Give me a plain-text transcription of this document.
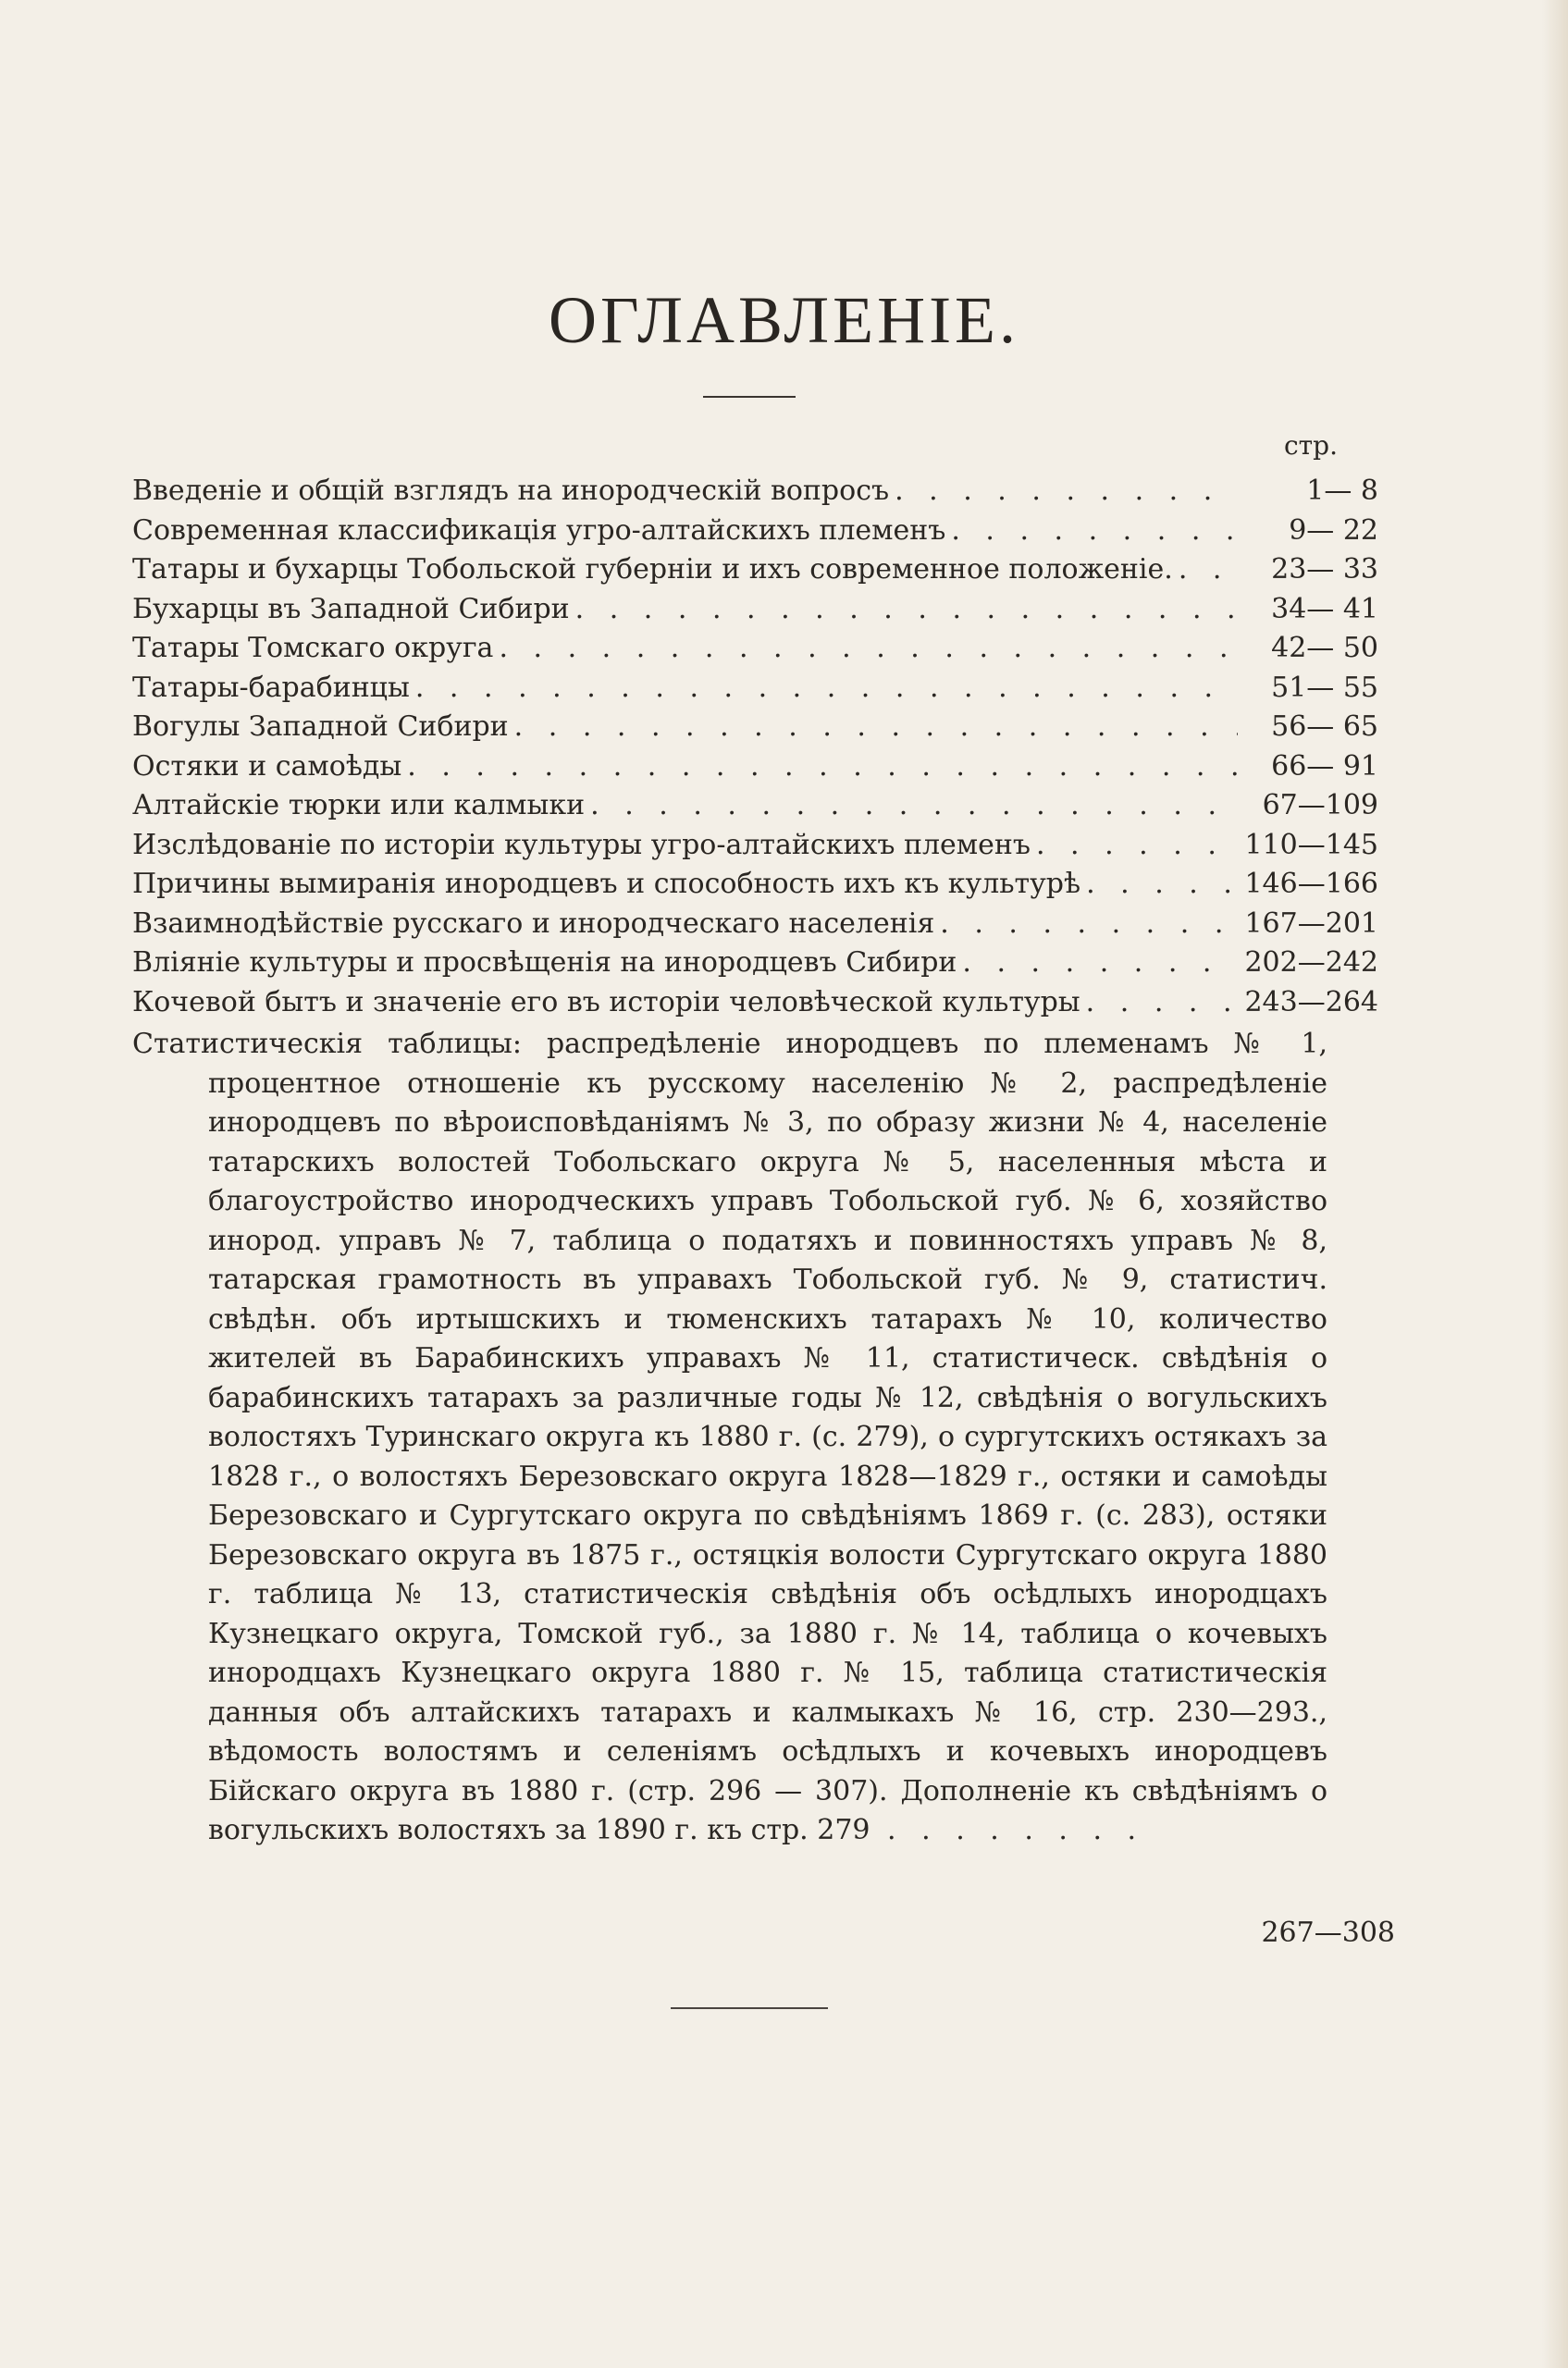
ОГЛАВЛЕНІЕ.
стр.
Введеніе и общій взглядъ на инородческій вопросъ . . .	1— 8
Современная классификація угро-алтайскихъ племенъ . . .	9— 22
Татары и бухарцы Тобольской губерніи и ихъ современное положеніе. . . .	23— 33
Бухарцы въ Западной Сибири . . .	34— 41
Татары Томскаго округа . . .	42— 50
Татары-барабинцы . . .	51— 55
Вогулы Западной Сибири . . .	56— 65
Остяки и самоѣды . . .	66— 91
Алтайскіе тюрки или калмыки . . .	67—109
Изслѣдованіе по исторіи культуры угро-алтайскихъ племенъ . . .	110—145
Причины вымиранія инородцевъ и способность ихъ къ культурѣ . . .	146—166
Взаимнодѣйствіе русскаго и инородческаго населенія . . .	167—201
Вліяніе культуры и просвѣщенія на инородцевъ Сибири . . .	202—242
Кочевой бытъ и значеніе его въ исторіи человѣческой культуры . . .	243—264
Статистическія таблицы: распредѣленіе инородцевъ по племенамъ № 1, процентное отношеніе къ русскому населенію № 2, распредѣленіе инородцевъ по вѣроисповѣданіямъ № 3, по образу жизни № 4, населеніе татарскихъ волостей Тобольскаго округа № 5, населенныя мѣста и благоустройство инородческихъ управъ Тобольской губ. № 6, хозяйство инород. управъ № 7, таблица о податяхъ и повинностяхъ управъ № 8, татарская грамотность въ управахъ Тобольской губ. № 9, статистич. свѣдѣн. объ иртышскихъ и тюменскихъ татарахъ № 10, количество жителей въ Барабинскихъ управахъ № 11, статистическ. свѣдѣнія о барабинскихъ татарахъ за различные годы № 12, свѣдѣнія о вогульскихъ волостяхъ Туринскаго округа къ 1880 г. (с. 279), о сургутскихъ остякахъ за 1828 г., о волостяхъ Березовскаго округа 1828—1829 г., остяки и самоѣды Березовскаго и Сургутскаго округа по свѣдѣніямъ 1869 г. (с. 283), остяки Березовскаго округа въ 1875 г., остяцкія волости Сургутскаго округа 1880 г. таблица № 13, статистическія свѣдѣнія объ осѣдлыхъ инородцахъ Кузнецкаго округа, Томской губ., за 1880 г. № 14, таблица о кочевыхъ инородцахъ Кузнецкаго округа 1880 г. № 15, таблица статистическія данныя объ алтайскихъ татарахъ и калмыкахъ № 16, стр. 230—293., вѣдомость волостямъ и селеніямъ осѣдлыхъ и кочевыхъ инородцевъ Бійскаго округа въ 1880 г. (стр. 296 — 307). Дополненіе къ свѣдѣніямъ о вогульскихъ волостяхъ за 1890 г. къ стр. 279 . . . . . . . .
267—308
